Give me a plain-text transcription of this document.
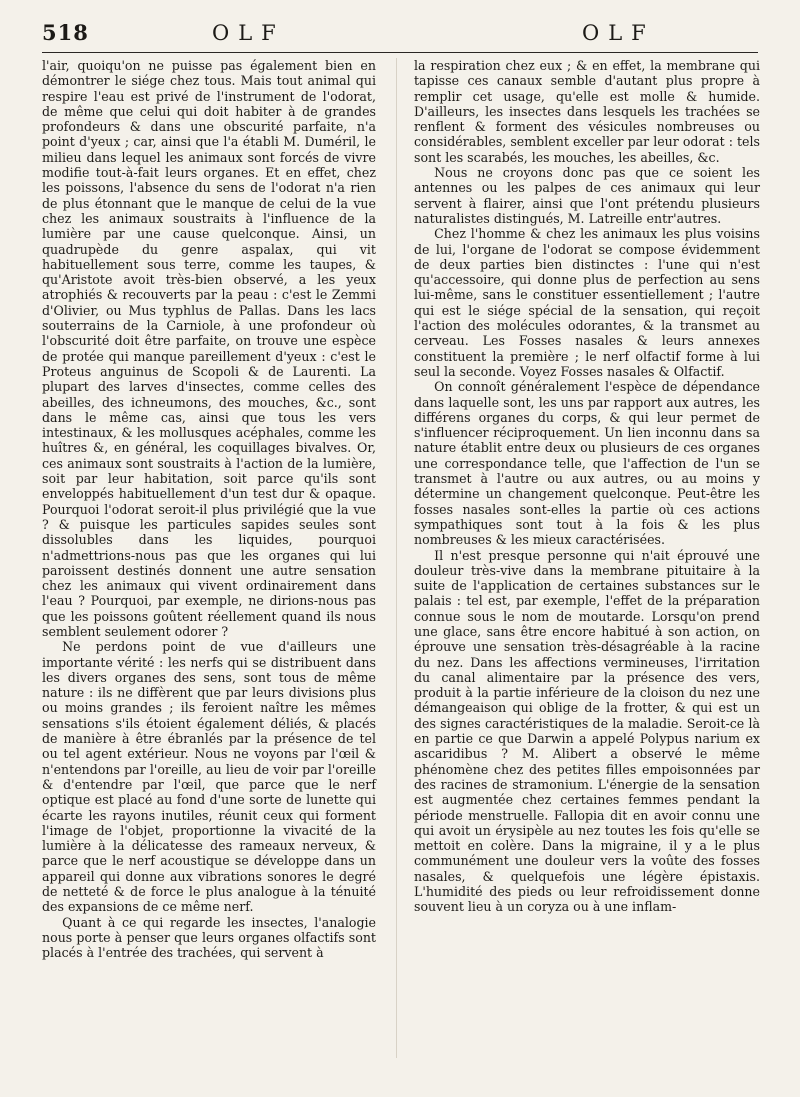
518	OLF	OLF

l'air, quoiqu'on ne puisse pas également bien en démontrer le siége chez tous. Mais tout animal qui respire l'eau est privé de l'instrument de l'odorat, de même que celui qui doit habiter à de grandes profondeurs & dans une obscurité parfaite, n'a point d'yeux ; car, ainsi que l'a établi M. Duméril, le milieu dans lequel les animaux sont forcés de vivre modifie tout-à-fait leurs organes. Et en effet, chez les poissons, l'absence du sens de l'odorat n'a rien de plus étonnant que le manque de celui de la vue chez les animaux soustraits à l'influence de la lumière par une cause quelconque. Ainsi, un quadrupède du genre aspalax, qui vit habituellement sous terre, comme les taupes, & qu'Aristote avoit très-bien observé, a les yeux atrophiés & recouverts par la peau : c'est le Zemmi d'Olivier, ou Mus typhlus de Pallas. Dans les lacs souterrains de la Carniole, à une profondeur où l'obscurité doit être parfaite, on trouve une espèce de protée qui manque pareillement d'yeux : c'est le Proteus anguinus de Scopoli & de Laurenti. La plupart des larves d'insectes, comme celles des abeilles, des ichneumons, des mouches, &c., sont dans le même cas, ainsi que tous les vers intestinaux, & les mollusques acéphales, comme les huîtres &, en général, les coquillages bivalves. Or, ces animaux sont soustraits à l'action de la lumière, soit par leur habitation, soit parce qu'ils sont enveloppés habituellement d'un test dur & opaque. Pourquoi l'odorat seroit-il plus privilégié que la vue ? & puisque les particules sapides seules sont dissolubles dans les liquides, pourquoi n'admettrions-nous pas que les organes qui lui paroissent destinés donnent une autre sensation chez les animaux qui vivent ordinairement dans l'eau ? Pourquoi, par exemple, ne dirions-nous pas que les poissons goûtent réellement quand ils nous semblent seulement odorer ?

Ne perdons point de vue d'ailleurs une importante vérité : les nerfs qui se distribuent dans les divers organes des sens, sont tous de même nature : ils ne diffèrent que par leurs divisions plus ou moins grandes ; ils feroient naître les mêmes sensations s'ils étoient également déliés, & placés de manière à être ébranlés par la présence de tel ou tel agent extérieur. Nous ne voyons par l'œil & n'entendons par l'oreille, au lieu de voir par l'oreille & d'entendre par l'œil, que parce que le nerf optique est placé au fond d'une sorte de lunette qui écarte les rayons inutiles, réunit ceux qui forment l'image de l'objet, proportionne la vivacité de la lumière à la délicatesse des rameaux nerveux, & parce que le nerf acoustique se développe dans un appareil qui donne aux vibrations sonores le degré de netteté & de force le plus analogue à la ténuité des expansions de ce même nerf.

Quant à ce qui regarde les insectes, l'analogie nous porte à penser que leurs organes olfactifs sont placés à l'entrée des trachées, qui servent à

la respiration chez eux ; & en effet, la membrane qui tapisse ces canaux semble d'autant plus propre à remplir cet usage, qu'elle est molle & humide. D'ailleurs, les insectes dans lesquels les trachées se renflent & forment des vésicules nombreuses ou considérables, semblent exceller par leur odorat : tels sont les scarabés, les mouches, les abeilles, &c.

Nous ne croyons donc pas que ce soient les antennes ou les palpes de ces animaux qui leur servent à flairer, ainsi que l'ont prétendu plusieurs naturalistes distingués, M. Latreille entr'autres.

Chez l'homme & chez les animaux les plus voisins de lui, l'organe de l'odorat se compose évidemment de deux parties bien distinctes : l'une qui n'est qu'accessoire, qui donne plus de perfection au sens lui-même, sans le constituer essentiellement ; l'autre qui est le siége spécial de la sensation, qui reçoit l'action des molécules odorantes, & la transmet au cerveau. Les Fosses nasales & leurs annexes constituent la première ; le nerf olfactif forme à lui seul la seconde. Voyez Fosses nasales & Olfactif.

On connoît généralement l'espèce de dépendance dans laquelle sont, les uns par rapport aux autres, les différens organes du corps, & qui leur permet de s'influencer réciproquement. Un lien inconnu dans sa nature établit entre deux ou plusieurs de ces organes une correspondance telle, que l'affection de l'un se transmet à l'autre ou aux autres, ou au moins y détermine un changement quelconque. Peut-être les fosses nasales sont-elles la partie où ces actions sympathiques sont tout à la fois & les plus nombreuses & les mieux caractérisées.

Il n'est presque personne qui n'ait éprouvé une douleur très-vive dans la membrane pituitaire à la suite de l'application de certaines substances sur le palais : tel est, par exemple, l'effet de la préparation connue sous le nom de moutarde. Lorsqu'on prend une glace, sans être encore habitué à son action, on éprouve une sensation très-désagréable à la racine du nez. Dans les affections vermineuses, l'irritation du canal alimentaire par la présence des vers, produit à la partie inférieure de la cloison du nez une démangeaison qui oblige de la frotter, & qui est un des signes caractéristiques de la maladie. Seroit-ce là en partie ce que Darwin a appelé Polypus narium ex ascaridibus ? M. Alibert a observé le même phénomène chez des petites filles empoisonnées par des racines de stramonium. L'énergie de la sensation est augmentée chez certaines femmes pendant la période menstruelle. Fallopia dit en avoir connu une qui avoit un érysipèle au nez toutes les fois qu'elle se mettoit en colère. Dans la migraine, il y a le plus communément une douleur vers la voûte des fosses nasales, & quelquefois une légère épistaxis. L'humidité des pieds ou leur refroidissement donne souvent lieu à un coryza ou à une inflam-
